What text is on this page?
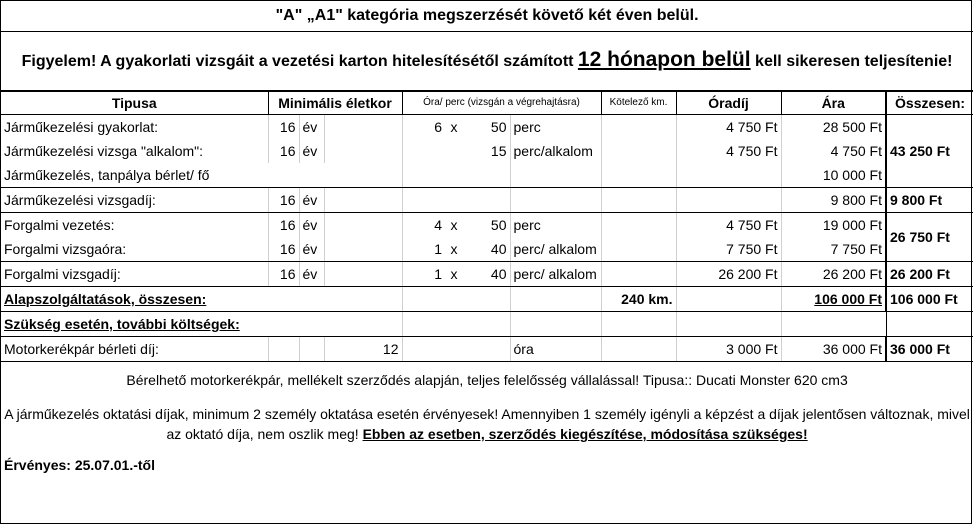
"A" „A1" kategória megszerzését követő két éven belül.											
Figyelem! A gyakorlati vizsgáit a vezetési karton hitelesítésétől számított 12 hónapon belül kell sikeresen teljesítenie!											
Tipusa	Minimális életkor			Óra/ perc (vizsgán a végrehajtásra)				Kötelező km.	Óradíj	Ára	Összesen:
Járműkezelési gyakorlat:	16	év		6	x	50	perc		4 750 Ft	28 500 Ft	43 250 Ft
Járműkezelési vizsga "alkalom":	16	év				15	perc/alkalom		4 750 Ft	4 750 Ft	
Járműkezelés, tanpálya bérlet/ fő										10 000 Ft	
Járműkezelési vizsgadíj:	16	év								9 800 Ft	9 800 Ft
Forgalmi vezetés:	16	év		4	x	50	perc		4 750 Ft	19 000 Ft	26 750 Ft
Forgalmi vizsgaóra:	16	év		1	x	40	perc/ alkalom		7 750 Ft	7 750 Ft	
Forgalmi vizsgadíj:	16	év		1	x	40	perc/ alkalom		26 200 Ft	26 200 Ft	26 200 Ft
Alapszolgáltatások, összesen:								240 km.		106 000 Ft	106 000 Ft
Szükség esetén, további költségek:											
Motorkerékpár bérleti díj:			12				óra		3 000 Ft	36 000 Ft	36 000 Ft
Bérelhető motorkerékpár, mellékelt szerződés alapján, teljes felelősség vállalással! Tipusa:: Ducati Monster 620 cm3											
A járműkezelés oktatási díjak, minimum 2 személy oktatása esetén érvényesek! Amennyiben 1 személy igényli a képzést a díjak jelentősen változnak, mivel az oktató díja, nem oszlik meg! Ebben az esetben, szerződés kiegészítése, módosítása szükséges!											
Érvényes: 25.07.01.-től											
